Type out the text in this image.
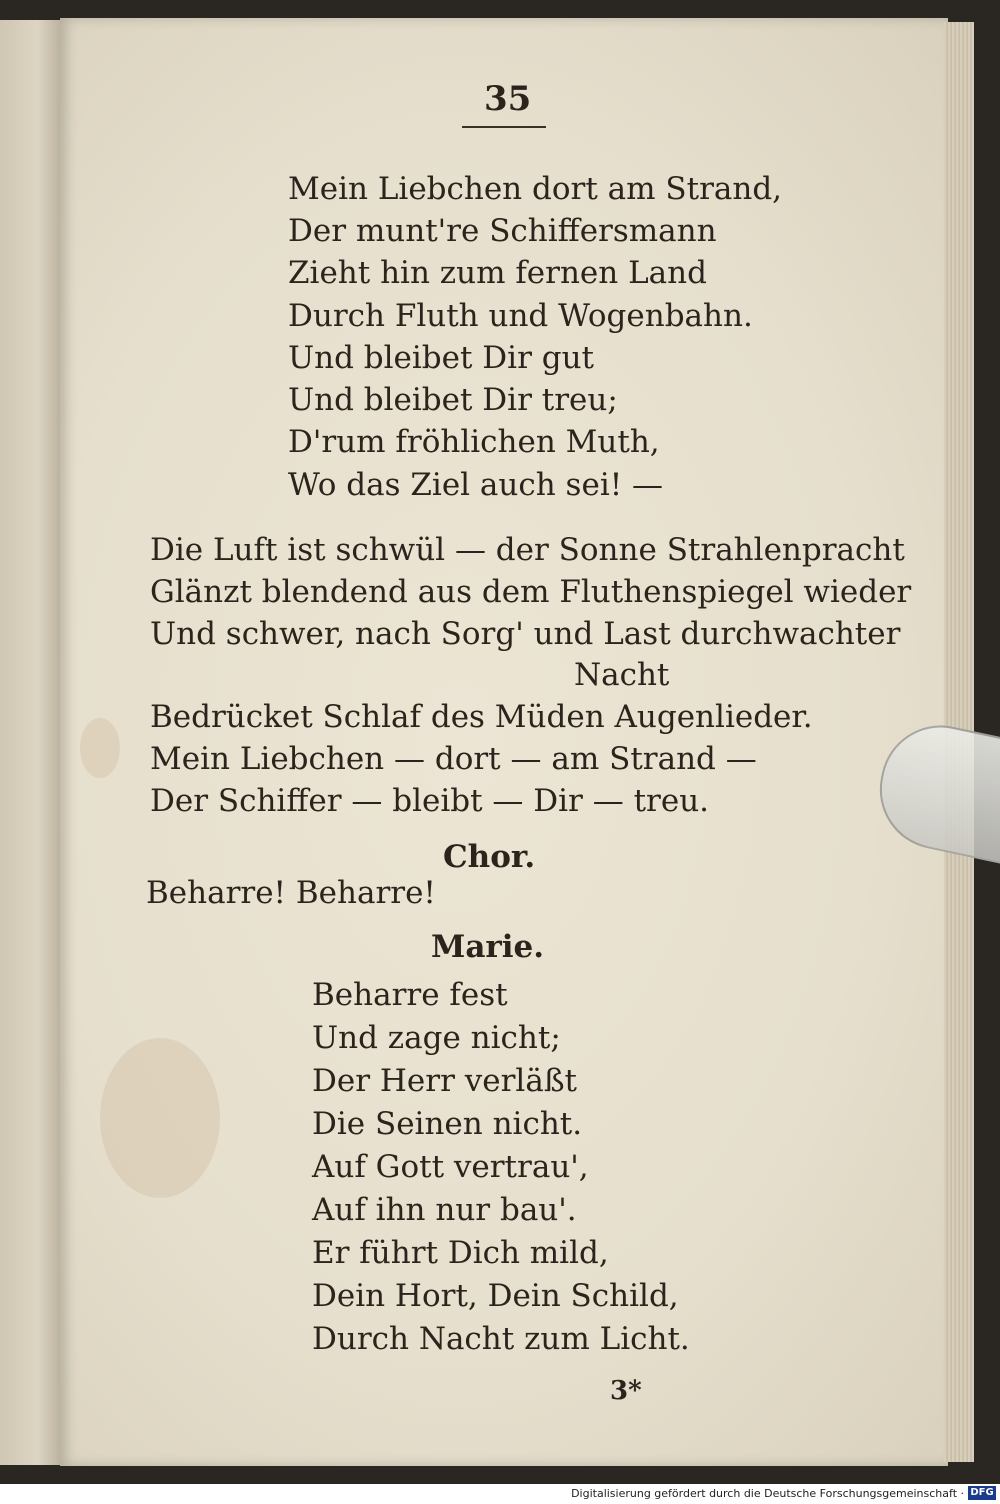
35
Mein Liebchen dort am Strand,
Der munt're Schiffersmann
Zieht hin zum fernen Land
Durch Fluth und Wogenbahn.
Und bleibet Dir gut
Und bleibet Dir treu;
D'rum fröhlichen Muth,
Wo das Ziel auch sei! —
Die Luft ist schwül — der Sonne Strahlenpracht
Glänzt blendend aus dem Fluthenspiegel wieder
Und schwer, nach Sorg' und Last durchwachter
Nacht
Bedrücket Schlaf des Müden Augenlieder.
Mein Liebchen — dort — am Strand —
Der Schiffer — bleibt — Dir — treu.
Chor.
Beharre! Beharre!
Marie.
Beharre fest
Und zage nicht;
Der Herr verläßt
Die Seinen nicht.
Auf Gott vertrau',
Auf ihn nur bau'.
Er führt Dich mild,
Dein Hort, Dein Schild,
Durch Nacht zum Licht.
3*
Digitalisierung gefördert durch die Deutsche Forschungsgemeinschaft · DFG
